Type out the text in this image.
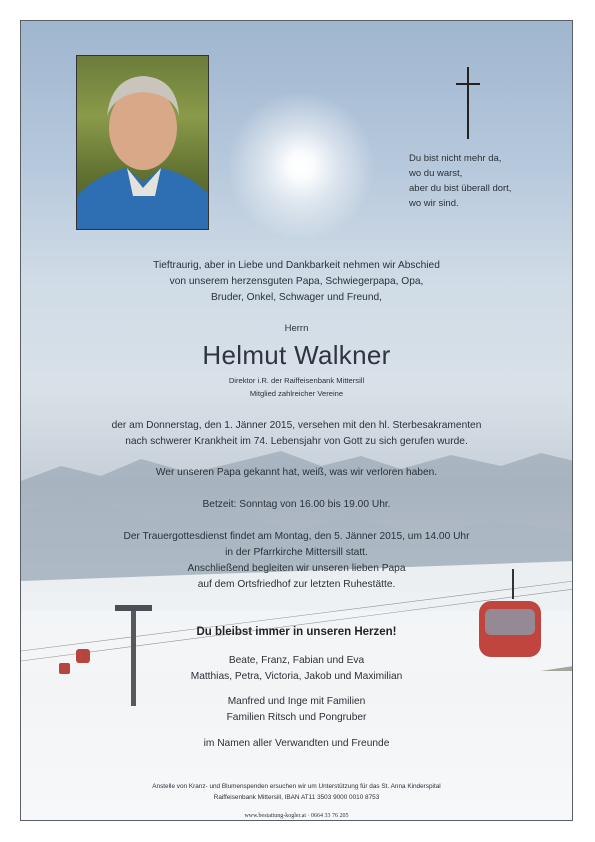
Du bist nicht mehr da,
wo du warst,
aber du bist überall dort,
wo wir sind.
Tieftraurig, aber in Liebe und Dankbarkeit nehmen wir Abschied
von unserem herzensguten Papa, Schwiegerpapa, Opa,
Bruder, Onkel, Schwager und Freund,
Herrn
Helmut Walkner
Direktor i.R. der Raiffeisenbank Mittersill
Mitglied zahlreicher Vereine
der am Donnerstag, den 1. Jänner 2015, versehen mit den hl. Sterbesakramenten
nach schwerer Krankheit im 74. Lebensjahr von Gott zu sich gerufen wurde.
Wer unseren Papa gekannt hat, weiß, was wir verloren haben.
Betzeit: Sonntag von 16.00 bis 19.00 Uhr.
Der Trauergottesdienst findet am Montag, den 5. Jänner 2015, um 14.00 Uhr
in der Pfarrkirche Mittersill statt.
Anschließend begleiten wir unseren lieben Papa
auf dem Ortsfriedhof zur letzten Ruhestätte.
Du bleibst immer in unseren Herzen!
Beate, Franz, Fabian und Eva
Matthias, Petra, Victoria, Jakob und Maximilian
Manfred und Inge mit Familien
Familien Ritsch und Pongruber
im Namen aller Verwandten und Freunde
Anstelle von Kranz- und Blumenspenden ersuchen wir um Unterstützung für das St. Anna Kinderspital
Raiffeisenbank Mittersill, IBAN AT11 3503 9000 0010 8753
www.bestattung-kogler.at · 0664 33 76 205
